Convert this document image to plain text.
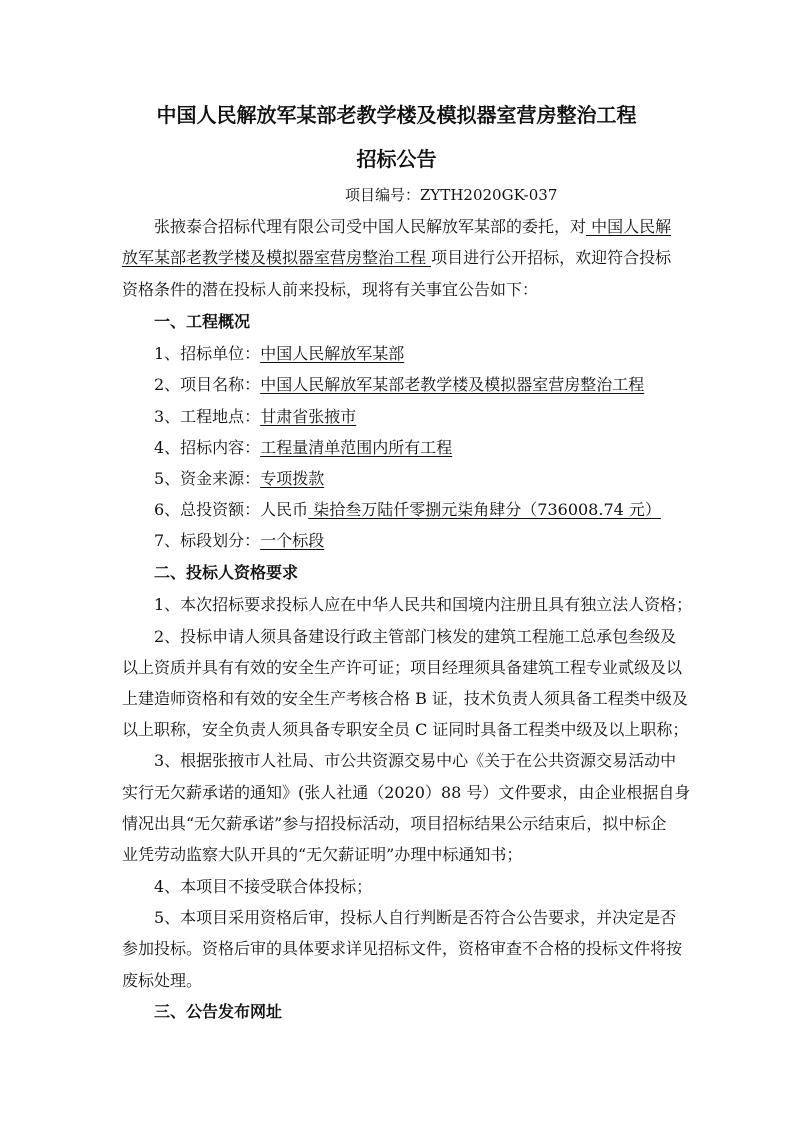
中国人民解放军某部老教学楼及模拟器室营房整治工程
招标公告
项目编号：ZYTH2020GK-037
张掖泰合招标代理有限公司受中国人民解放军某部的委托，对 中国人民解
放军某部老教学楼及模拟器室营房整治工程 项目进行公开招标，欢迎符合投标
资格条件的潜在投标人前来投标，现将有关事宜公告如下：
一、工程概况
1、招标单位：中国人民解放军某部
2、项目名称：中国人民解放军某部老教学楼及模拟器室营房整治工程
3、工程地点：甘肃省张掖市
4、招标内容：工程量清单范围内所有工程
5、资金来源：专项拨款
6、总投资额：人民币 柒拾叁万陆仟零捌元柒角肆分（736008.74 元）
7、标段划分：一个标段
二、投标人资格要求
1、本次招标要求投标人应在中华人民共和国境内注册且具有独立法人资格；
2、投标申请人须具备建设行政主管部门核发的建筑工程施工总承包叁级及
以上资质并具有有效的安全生产许可证；项目经理须具备建筑工程专业贰级及以
上建造师资格和有效的安全生产考核合格 B 证，技术负责人须具备工程类中级及
以上职称，安全负责人须具备专职安全员 C 证同时具备工程类中级及以上职称；
3、根据张掖市人社局、市公共资源交易中心《关于在公共资源交易活动中
实行无欠薪承诺的通知》(张人社通（2020）88 号）文件要求，由企业根据自身
情况出具“无欠薪承诺”参与招投标活动，项目招标结果公示结束后，拟中标企
业凭劳动监察大队开具的“无欠薪证明”办理中标通知书；
4、本项目不接受联合体投标；
5、本项目采用资格后审，投标人自行判断是否符合公告要求，并决定是否
参加投标。资格后审的具体要求详见招标文件，资格审查不合格的投标文件将按
废标处理。
三、公告发布网址
